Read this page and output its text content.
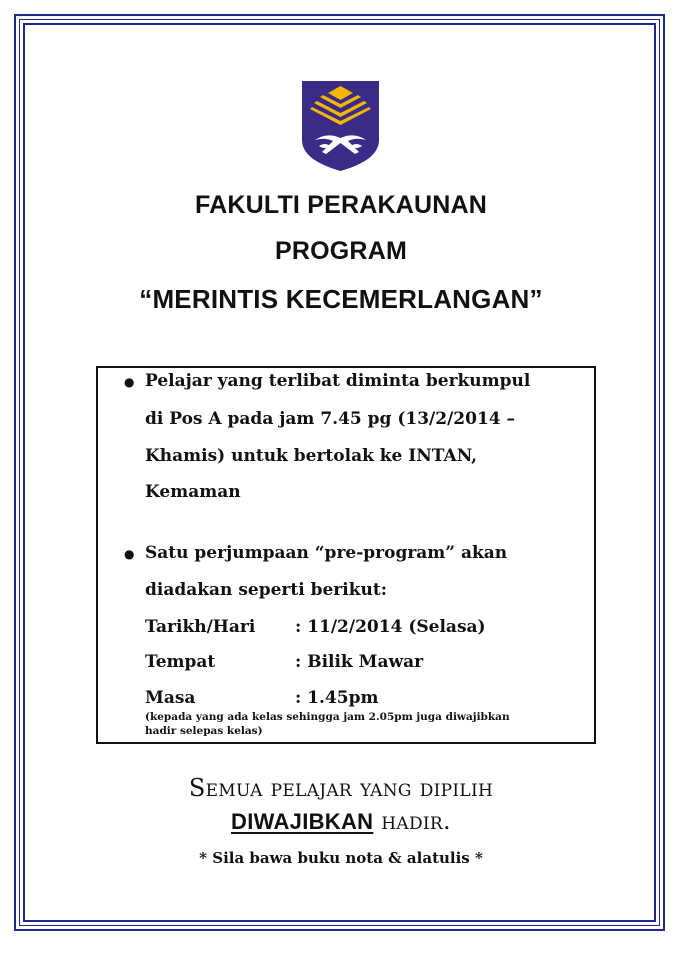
FAKULTI PERAKAUNAN
PROGRAM
“MERINTIS KECEMERLANGAN”
● Pelajar yang terlibat diminta berkumpul
di Pos A pada jam 7.45 pg (13/2/2014 –
Khamis) untuk bertolak ke INTAN,
Kemaman
● Satu perjumpaan “pre-program” akan
diadakan seperti berikut:
Tarikh/Hari : 11/2/2014 (Selasa)
Tempat	: Bilik Mawar
Masa	: 1.45pm
(kepada yang ada kelas sehingga jam 2.05pm juga diwajibkan
hadir selepas kelas)
Semua pelajar yang dipilih
DIWAJIBKAN hadir.
* Sila bawa buku nota & alatulis *
